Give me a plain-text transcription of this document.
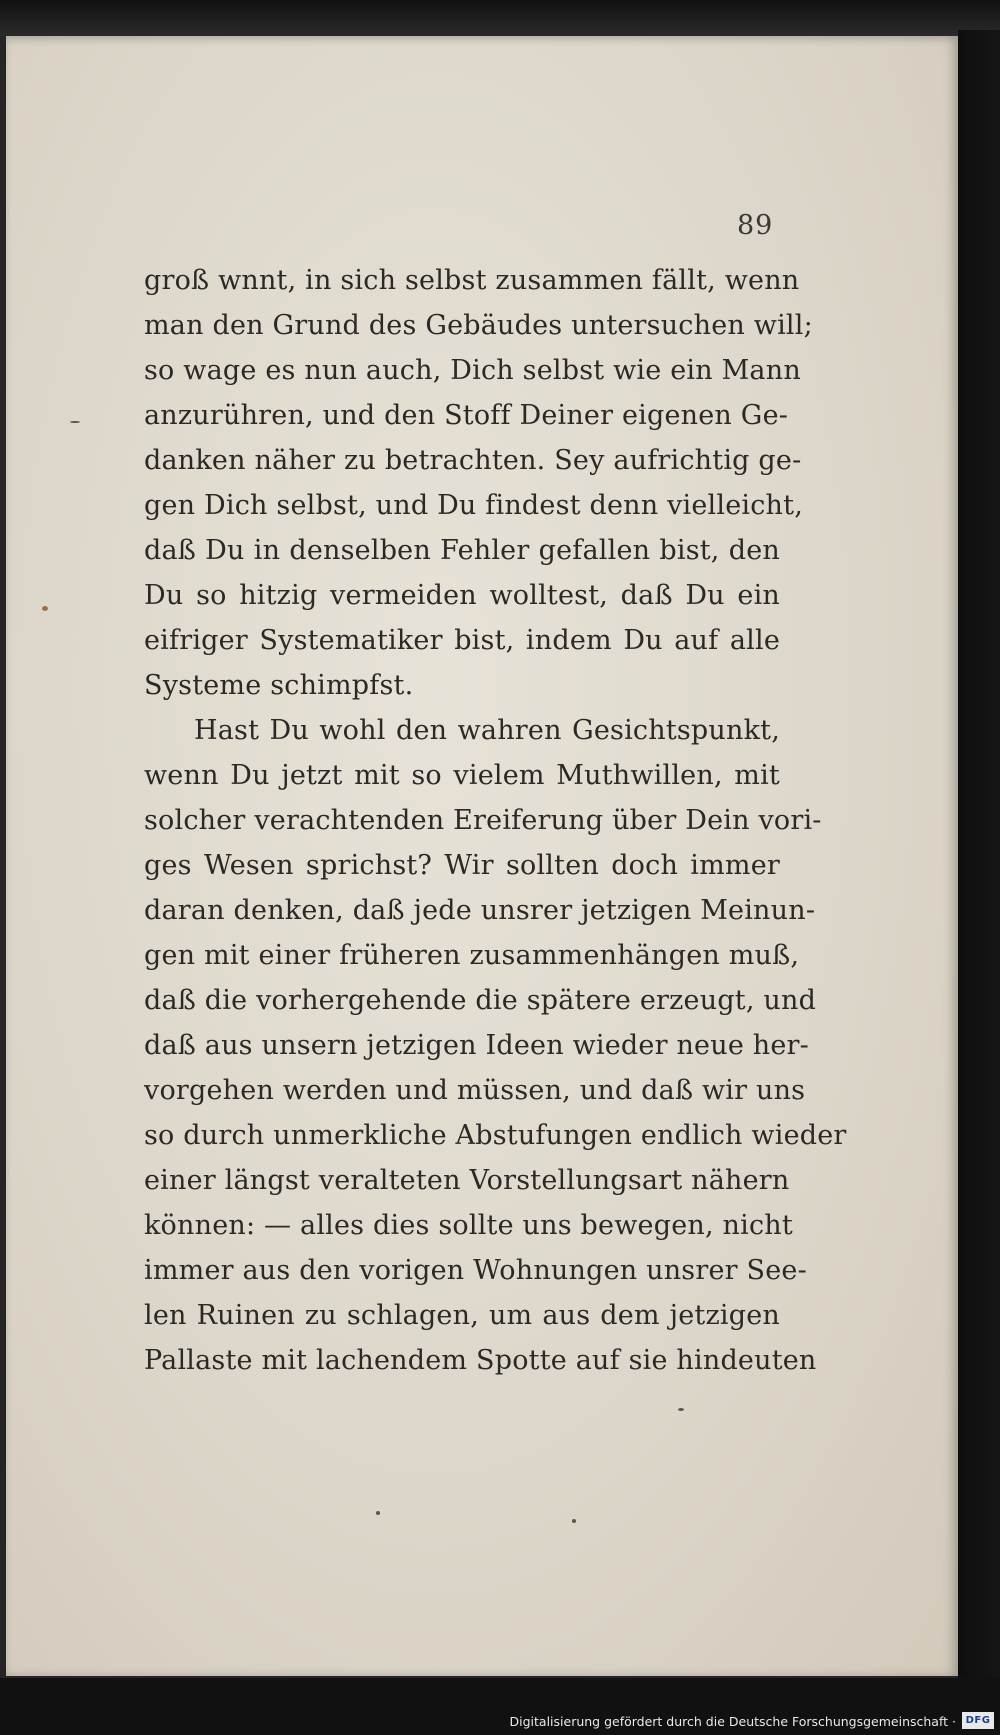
89
groß wnnt, in sich selbst zusammen fällt, wenn
man den Grund des Gebäudes untersuchen will;
so wage es nun auch, Dich selbst wie ein Mann
anzurühren, und den Stoff Deiner eigenen Ge-
danken näher zu betrachten. Sey aufrichtig ge-
gen Dich selbst, und Du findest denn vielleicht,
daß Du in denselben Fehler gefallen bist, den
Du so hitzig vermeiden wolltest, daß Du ein
eifriger Systematiker bist, indem Du auf alle
Systeme schimpfst.
Hast Du wohl den wahren Gesichtspunkt,
wenn Du jetzt mit so vielem Muthwillen, mit
solcher verachtenden Ereiferung über Dein vori-
ges Wesen sprichst? Wir sollten doch immer
daran denken, daß jede unsrer jetzigen Meinun-
gen mit einer früheren zusammenhängen muß,
daß die vorhergehende die spätere erzeugt, und
daß aus unsern jetzigen Ideen wieder neue her-
vorgehen werden und müssen, und daß wir uns
so durch unmerkliche Abstufungen endlich wieder
einer längst veralteten Vorstellungsart nähern
können: — alles dies sollte uns bewegen, nicht
immer aus den vorigen Wohnungen unsrer See-
len Ruinen zu schlagen, um aus dem jetzigen
Pallaste mit lachendem Spotte auf sie hindeuten
Digitalisierung gefördert durch die Deutsche Forschungsgemeinschaft · DFG
